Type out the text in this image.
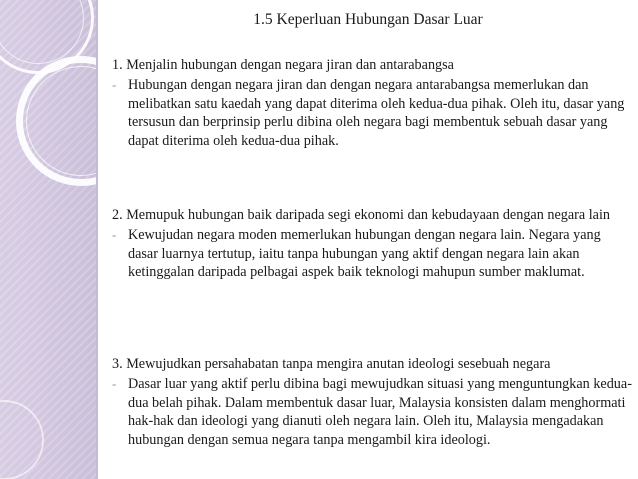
1.5 Keperluan Hubungan Dasar Luar
1. Menjalin hubungan dengan negara jiran dan antarabangsa
- Hubungan dengan negara jiran dan dengan negara antarabangsa memerlukan dan melibatkan satu kaedah yang dapat diterima oleh kedua-dua pihak. Oleh itu, dasar yang tersusun dan berprinsip perlu dibina oleh negara bagi membentuk sebuah dasar yang dapat diterima oleh kedua-dua pihak.
2. Memupuk hubungan baik daripada segi ekonomi dan kebudayaan dengan negara lain
- Kewujudan negara moden memerlukan hubungan dengan negara lain. Negara yang dasar luarnya tertutup, iaitu tanpa hubungan yang aktif dengan negara lain akan ketinggalan daripada pelbagai aspek baik teknologi mahupun sumber maklumat.
3. Mewujudkan persahabatan tanpa mengira anutan ideologi sesebuah negara
- Dasar luar yang aktif perlu dibina bagi mewujudkan situasi yang menguntungkan kedua-dua belah pihak. Dalam membentuk dasar luar, Malaysia konsisten dalam menghormati hak-hak dan ideologi yang dianuti oleh negara lain. Oleh itu, Malaysia mengadakan hubungan dengan semua negara tanpa mengambil kira ideologi.
